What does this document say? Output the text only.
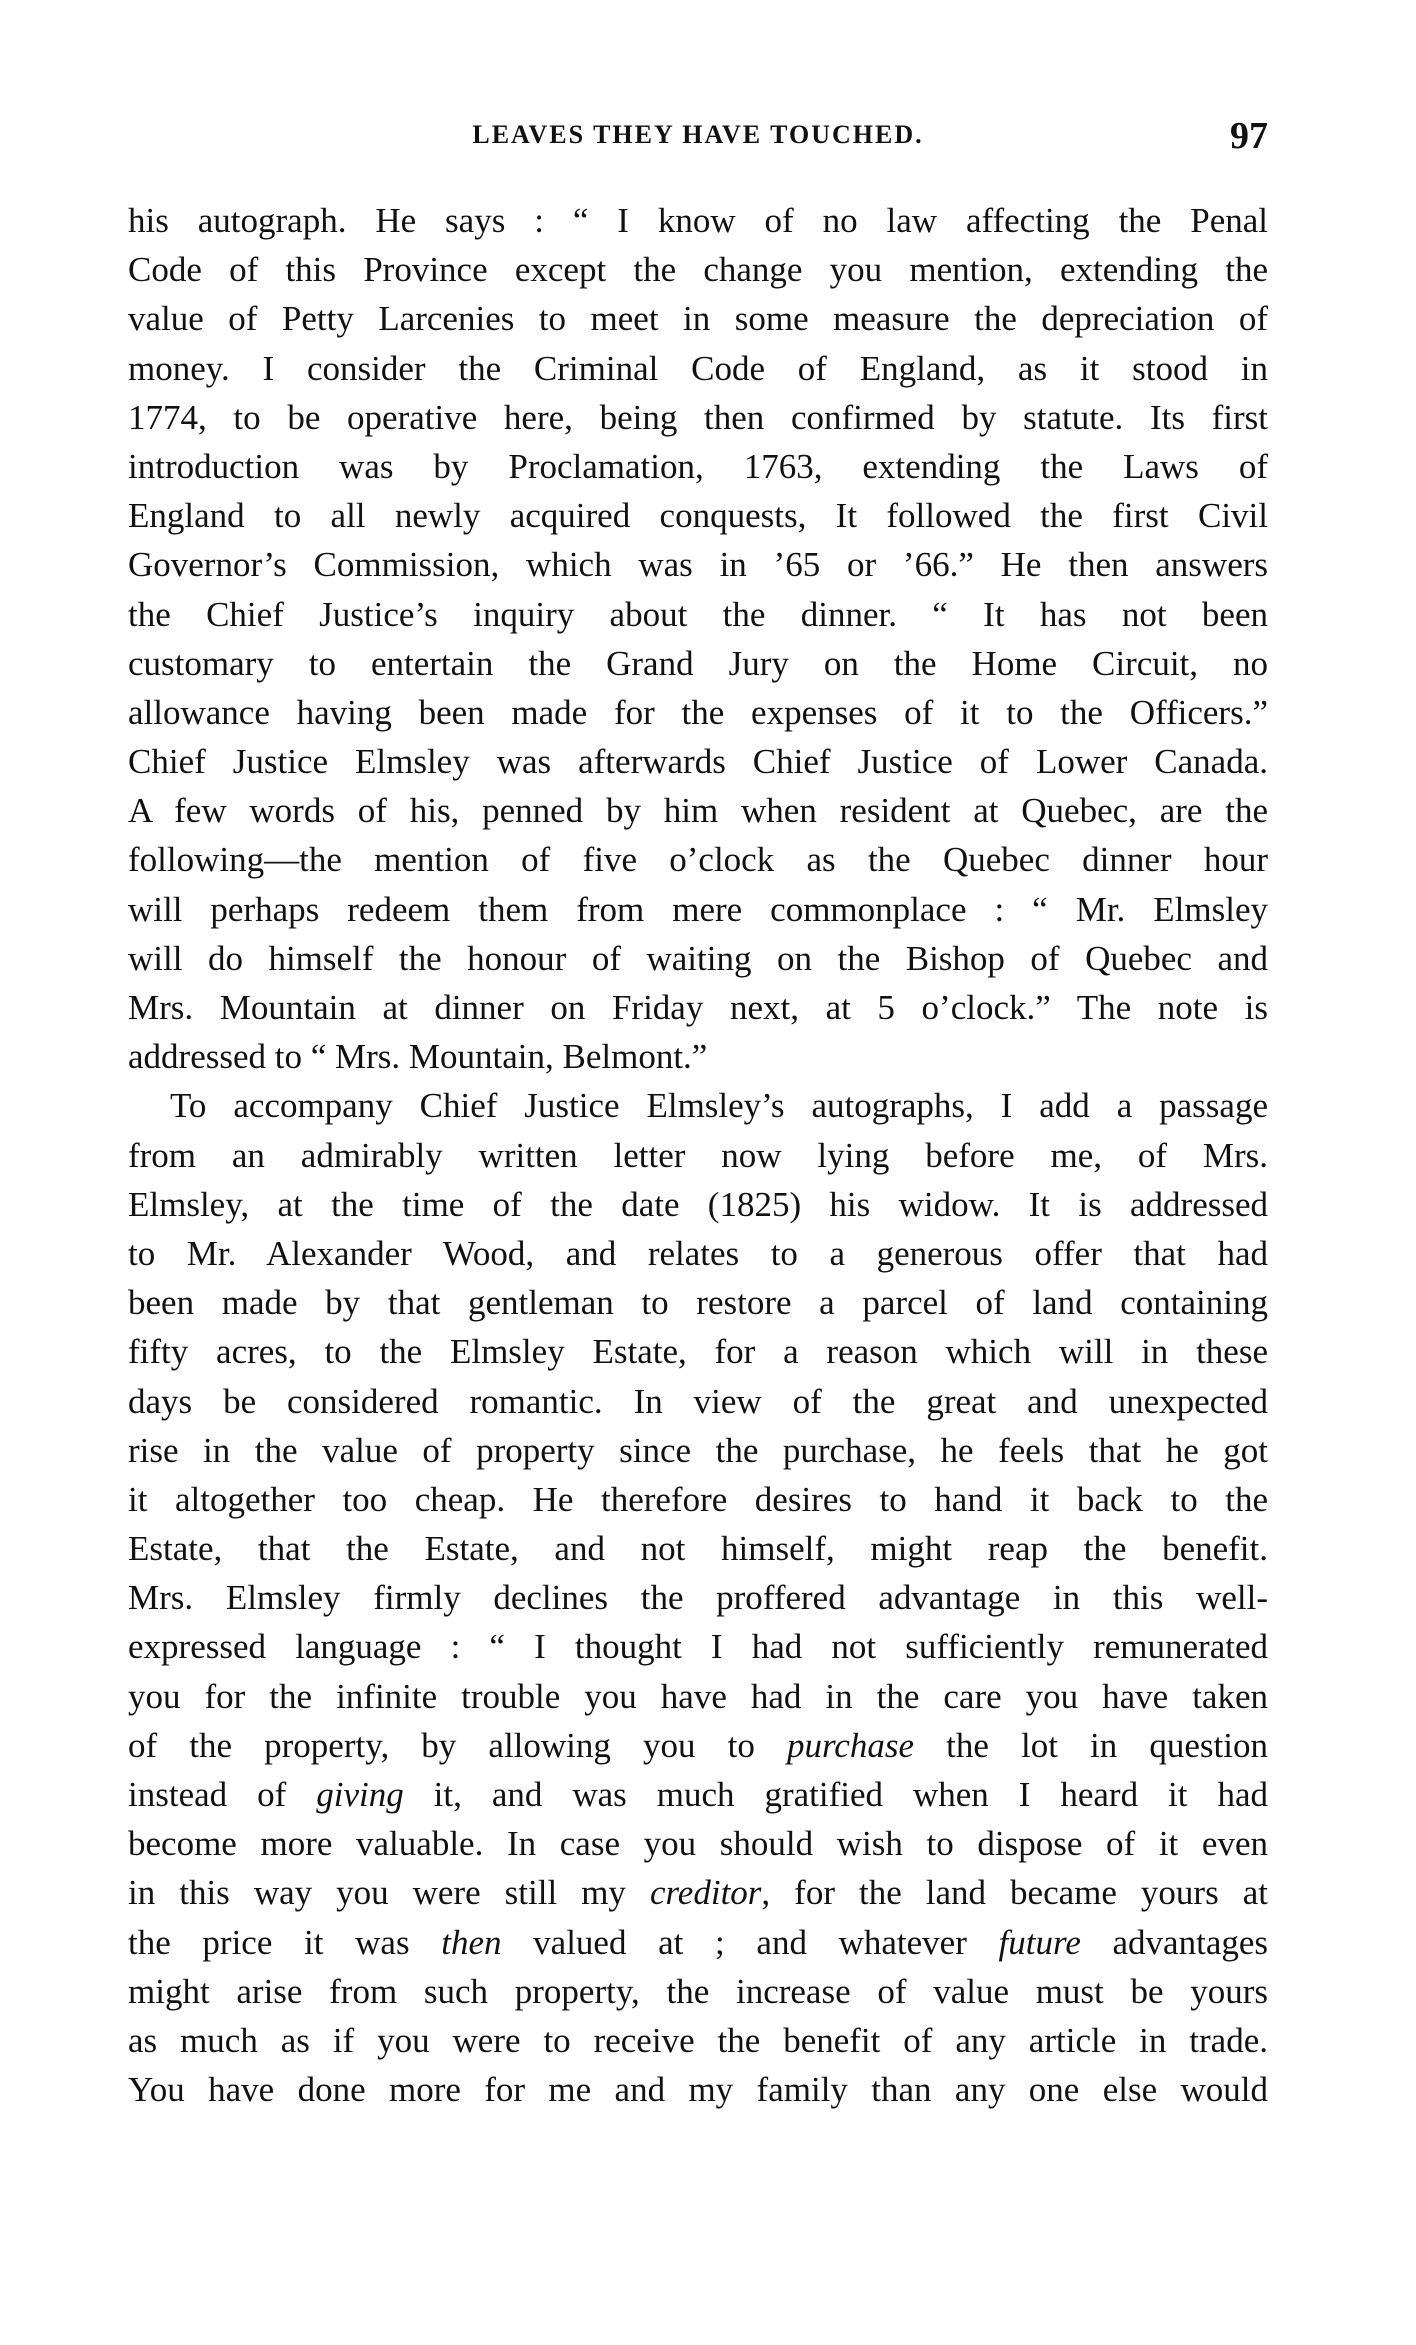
LEAVES THEY HAVE TOUCHED.	97
his autograph. He says : “ I know of no law affecting the Penal
Code of this Province except the change you mention, extending the
value of Petty Larcenies to meet in some measure the depreciation of
money. I consider the Criminal Code of England, as it stood in
1774, to be operative here, being then confirmed by statute. Its first
introduction was by Proclamation, 1763, extending the Laws of
England to all newly acquired conquests, It followed the first Civil
Governor’s Commission, which was in ’65 or ’66.” He then answers
the Chief Justice’s inquiry about the dinner. “ It has not been
customary to entertain the Grand Jury on the Home Circuit, no
allowance having been made for the expenses of it to the Officers.”
Chief Justice Elmsley was afterwards Chief Justice of Lower Canada.
A few words of his, penned by him when resident at Quebec, are the
following—the mention of five o’clock as the Quebec dinner hour
will perhaps redeem them from mere commonplace : “ Mr. Elmsley
will do himself the honour of waiting on the Bishop of Quebec and
Mrs. Mountain at dinner on Friday next, at 5 o’clock.” The note is
addressed to “ Mrs. Mountain, Belmont.”
To accompany Chief Justice Elmsley’s autographs, I add a passage
from an admirably written letter now lying before me, of Mrs.
Elmsley, at the time of the date (1825) his widow. It is addressed
to Mr. Alexander Wood, and relates to a generous offer that had
been made by that gentleman to restore a parcel of land containing
fifty acres, to the Elmsley Estate, for a reason which will in these
days be considered romantic. In view of the great and unexpected
rise in the value of property since the purchase, he feels that he got
it altogether too cheap. He therefore desires to hand it back to the
Estate, that the Estate, and not himself, might reap the benefit.
Mrs. Elmsley firmly declines the proffered advantage in this well-
expressed language : “ I thought I had not sufficiently remunerated
you for the infinite trouble you have had in the care you have taken
of the property, by allowing you to purchase the lot in question
instead of giving it, and was much gratified when I heard it had
become more valuable. In case you should wish to dispose of it even
in this way you were still my creditor, for the land became yours at
the price it was then valued at ; and whatever future advantages
might arise from such property, the increase of value must be yours
as much as if you were to receive the benefit of any article in trade.
You have done more for me and my family than any one else would
